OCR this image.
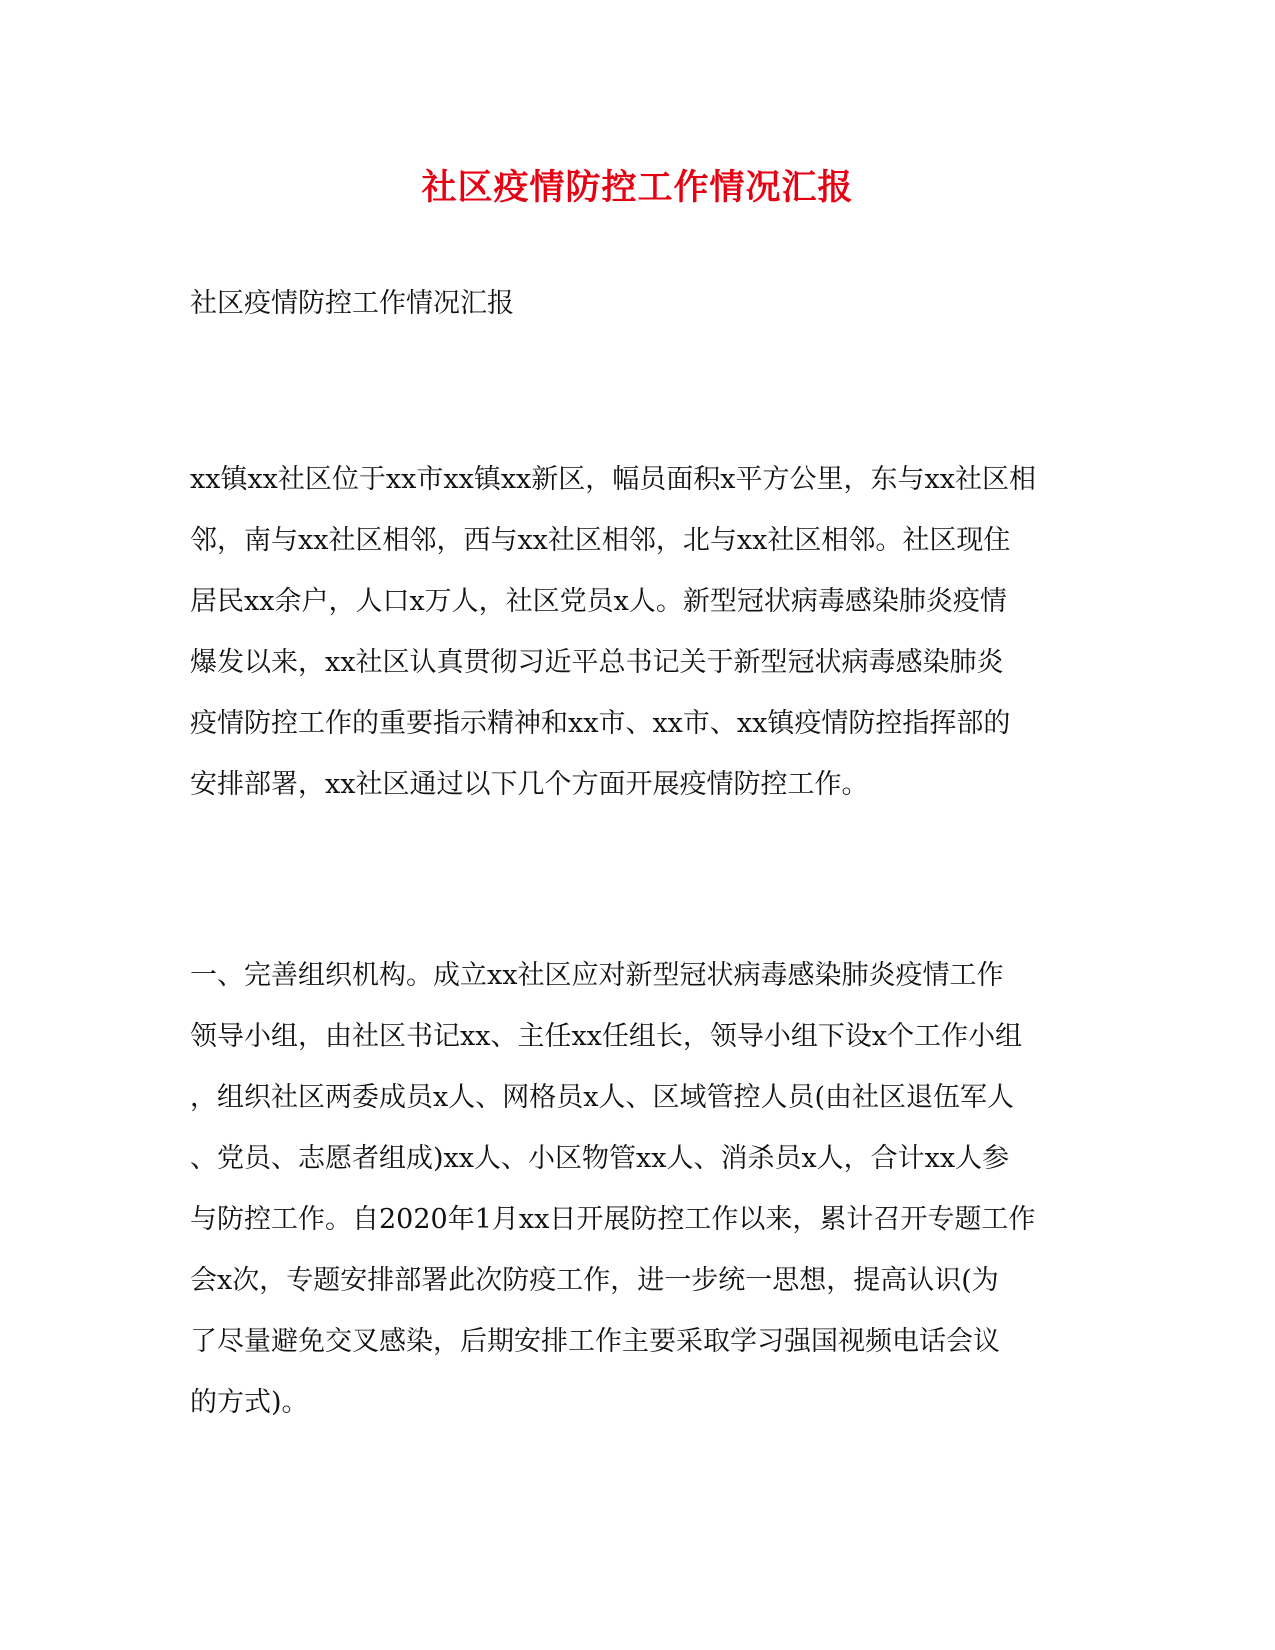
社区疫情防控工作情况汇报
社区疫情防控工作情况汇报
xx镇xx社区位于xx市xx镇xx新区，幅员面积x平方公里，东与xx社区相
邻，南与xx社区相邻，西与xx社区相邻，北与xx社区相邻。社区现住
居民xx余户，人口x万人，社区党员x人。新型冠状病毒感染肺炎疫情
爆发以来，xx社区认真贯彻习近平总书记关于新型冠状病毒感染肺炎
疫情防控工作的重要指示精神和xx市、xx市、xx镇疫情防控指挥部的
安排部署，xx社区通过以下几个方面开展疫情防控工作。
一、完善组织机构。成立xx社区应对新型冠状病毒感染肺炎疫情工作
领导小组，由社区书记xx、主任xx任组长，领导小组下设x个工作小组
，组织社区两委成员x人、网格员x人、区域管控人员(由社区退伍军人
、党员、志愿者组成)xx人、小区物管xx人、消杀员x人，合计xx人参
与防控工作。自2020年1月xx日开展防控工作以来，累计召开专题工作
会x次，专题安排部署此次防疫工作，进一步统一思想，提高认识(为
了尽量避免交叉感染，后期安排工作主要采取学习强国视频电话会议
的方式)。
